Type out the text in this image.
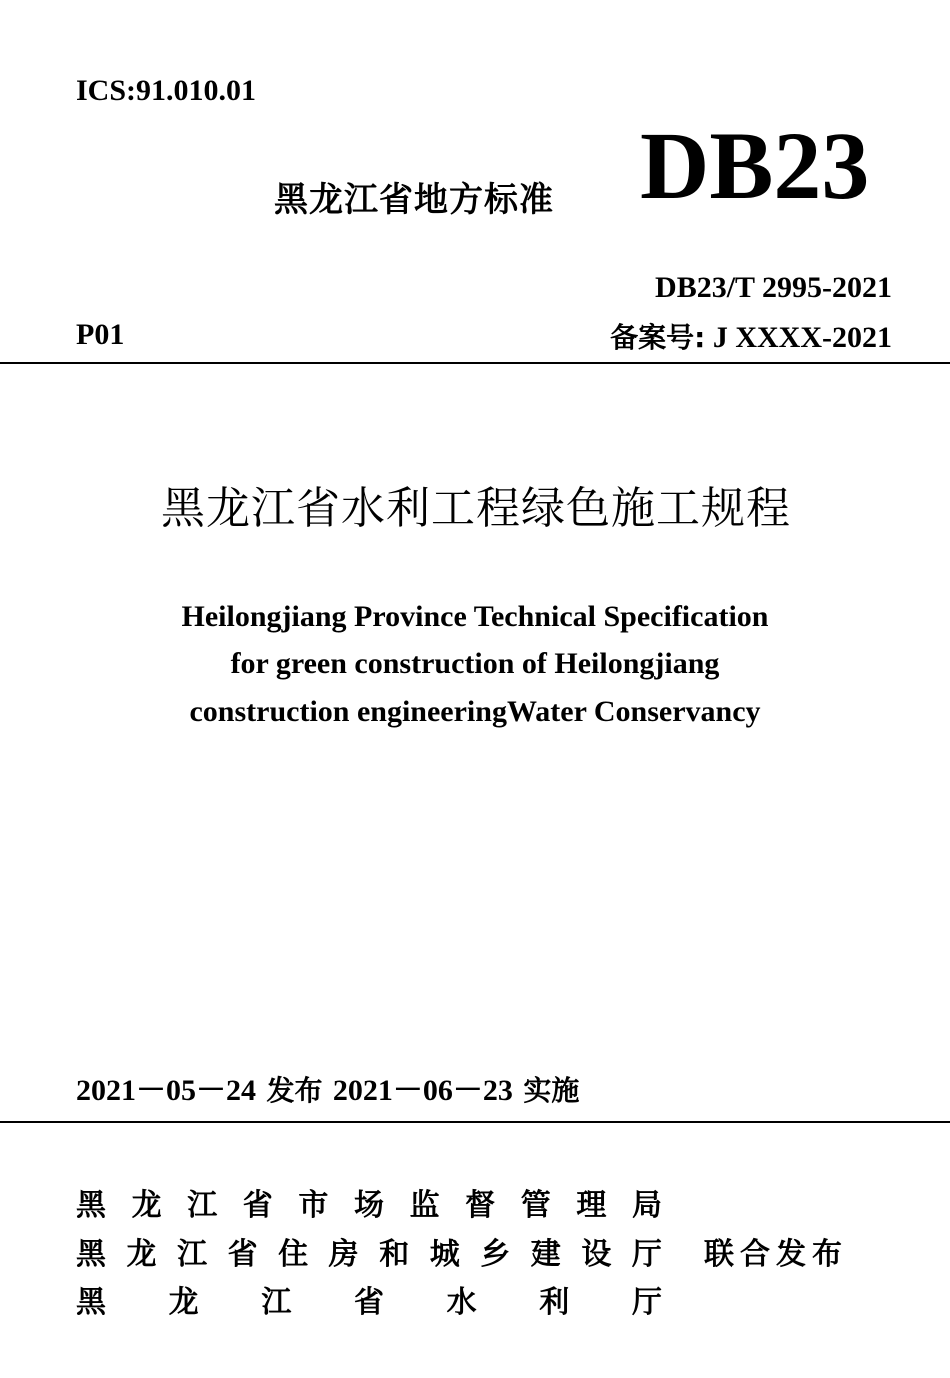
ICS:91.010.01
黑龙江省地方标准 DB23
DB23/T 2995-2021
P01	备案号: J XXXX-2021
黑龙江省水利工程绿色施工规程
Heilongjiang Province Technical Specification
for green construction of Heilongjiang
construction engineeringWater Conservancy
2021－05－24 发布 2021－06－23 实施
黑 龙 江 省 市 场 监 督 管 理 局
黑 龙 江 省 住 房 和 城 乡 建 设 厅 联合发布
黑 龙 江 省 水 利 厅
